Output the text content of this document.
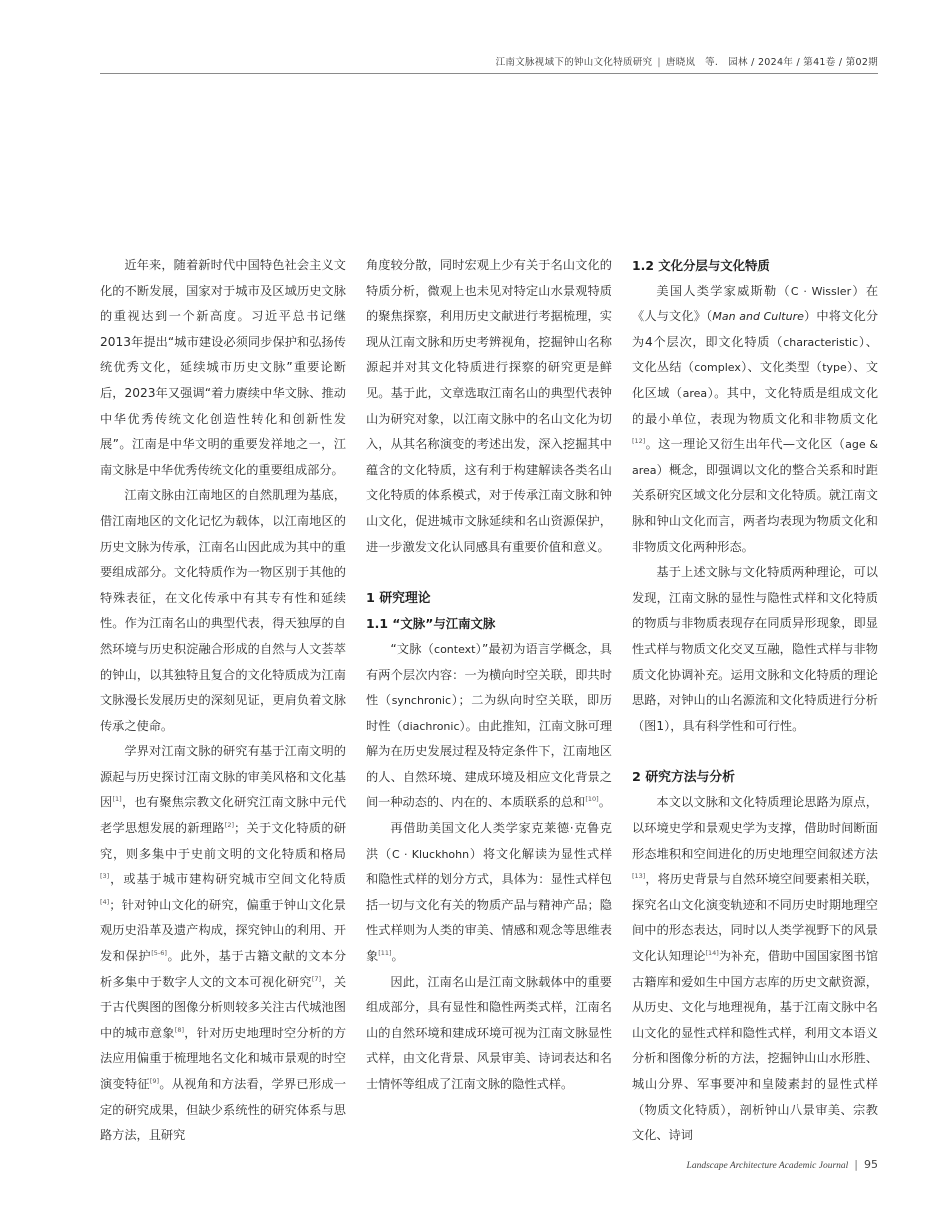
江南文脉视域下的钟山文化特质研究 | 唐晓岚　等. 园林 / 2024年 / 第41卷 / 第02期

近年来，随着新时代中国特色社会主义文化的不断发展，国家对于城市及区域历史文脉的重视达到一个新高度。习近平总书记继2013年提出“城市建设必须同步保护和弘扬传统优秀文化，延续城市历史文脉”重要论断后，2023年又强调“着力赓续中华文脉、推动中华优秀传统文化创造性转化和创新性发展”。江南是中华文明的重要发祥地之一，江南文脉是中华优秀传统文化的重要组成部分。

江南文脉由江南地区的自然肌理为基底，借江南地区的文化记忆为载体，以江南地区的历史文脉为传承，江南名山因此成为其中的重要组成部分。文化特质作为一物区别于其他的特殊表征，在文化传承中有其专有性和延续性。作为江南名山的典型代表，得天独厚的自然环境与历史积淀融合形成的自然与人文荟萃的钟山，以其独特且复合的文化特质成为江南文脉漫长发展历史的深刻见证，更肩负着文脉传承之使命。

学界对江南文脉的研究有基于江南文明的源起与历史探讨江南文脉的审美风格和文化基因[1]，也有聚焦宗教文化研究江南文脉中元代老学思想发展的新理路[2]；关于文化特质的研究，则多集中于史前文明的文化特质和格局[3]，或基于城市建构研究城市空间文化特质[4]；针对钟山文化的研究，偏重于钟山文化景观历史沿革及遗产构成，探究钟山的利用、开发和保护[5-6]。此外，基于古籍文献的文本分析多集中于数字人文的文本可视化研究[7]，关于古代舆图的图像分析则较多关注古代城池图中的城市意象[8]，针对历史地理时空分析的方法应用偏重于梳理地名文化和城市景观的时空演变特征[9]。从视角和方法看，学界已形成一定的研究成果，但缺少系统性的研究体系与思路方法，且研究

角度较分散，同时宏观上少有关于名山文化的特质分析，微观上也未见对特定山水景观特质的聚焦探察，利用历史文献进行考据梳理，实现从江南文脉和历史考辨视角，挖掘钟山名称源起并对其文化特质进行探察的研究更是鲜见。基于此，文章选取江南名山的典型代表钟山为研究对象，以江南文脉中的名山文化为切入，从其名称演变的考述出发，深入挖掘其中蕴含的文化特质，这有利于构建解读各类名山文化特质的体系模式，对于传承江南文脉和钟山文化，促进城市文脉延续和名山资源保护，进一步激发文化认同感具有重要价值和意义。

1 研究理论
1.1 “文脉”与江南文脉

“文脉（context）”最初为语言学概念，具有两个层次内容：一为横向时空关联，即共时性（synchronic）；二为纵向时空关联，即历时性（diachronic）。由此推知，江南文脉可理解为在历史发展过程及特定条件下，江南地区的人、自然环境、建成环境及相应文化背景之间一种动态的、内在的、本质联系的总和[10]。

再借助美国文化人类学家克莱德·克鲁克洪（C · Kluckhohn）将文化解读为显性式样和隐性式样的划分方式，具体为：显性式样包括一切与文化有关的物质产品与精神产品；隐性式样则为人类的审美、情感和观念等思维表象[11]。

因此，江南名山是江南文脉载体中的重要组成部分，具有显性和隐性两类式样，江南名山的自然环境和建成环境可视为江南文脉显性式样，由文化背景、风景审美、诗词表达和名士情怀等组成了江南文脉的隐性式样。

1.2 文化分层与文化特质

美国人类学家威斯勒（C · Wissler）在《人与文化》（Man and Culture）中将文化分为4个层次，即文化特质（characteristic）、文化丛结（complex）、文化类型（type）、文化区域（area）。其中，文化特质是组成文化的最小单位，表现为物质文化和非物质文化[12]。这一理论又衍生出年代—文化区（age & area）概念，即强调以文化的整合关系和时距关系研究区域文化分层和文化特质。就江南文脉和钟山文化而言，两者均表现为物质文化和非物质文化两种形态。

基于上述文脉与文化特质两种理论，可以发现，江南文脉的显性与隐性式样和文化特质的物质与非物质表现存在同质异形现象，即显性式样与物质文化交叉互融，隐性式样与非物质文化协调补充。运用文脉和文化特质的理论思路，对钟山的山名源流和文化特质进行分析（图1），具有科学性和可行性。

2 研究方法与分析

本文以文脉和文化特质理论思路为原点，以环境史学和景观史学为支撑，借助时间断面形态堆积和空间进化的历史地理空间叙述方法[13]，将历史背景与自然环境空间要素相关联，探究名山文化演变轨迹和不同历史时期地理空间中的形态表达，同时以人类学视野下的风景文化认知理论[14]为补充，借助中国国家图书馆古籍库和爱如生中国方志库的历史文献资源，从历史、文化与地理视角，基于江南文脉中名山文化的显性式样和隐性式样，利用文本语义分析和图像分析的方法，挖掘钟山山水形胜、城山分界、军事要冲和皇陵素封的显性式样（物质文化特质），剖析钟山八景审美、宗教文化、诗词

Landscape Architecture Academic Journal | 95
